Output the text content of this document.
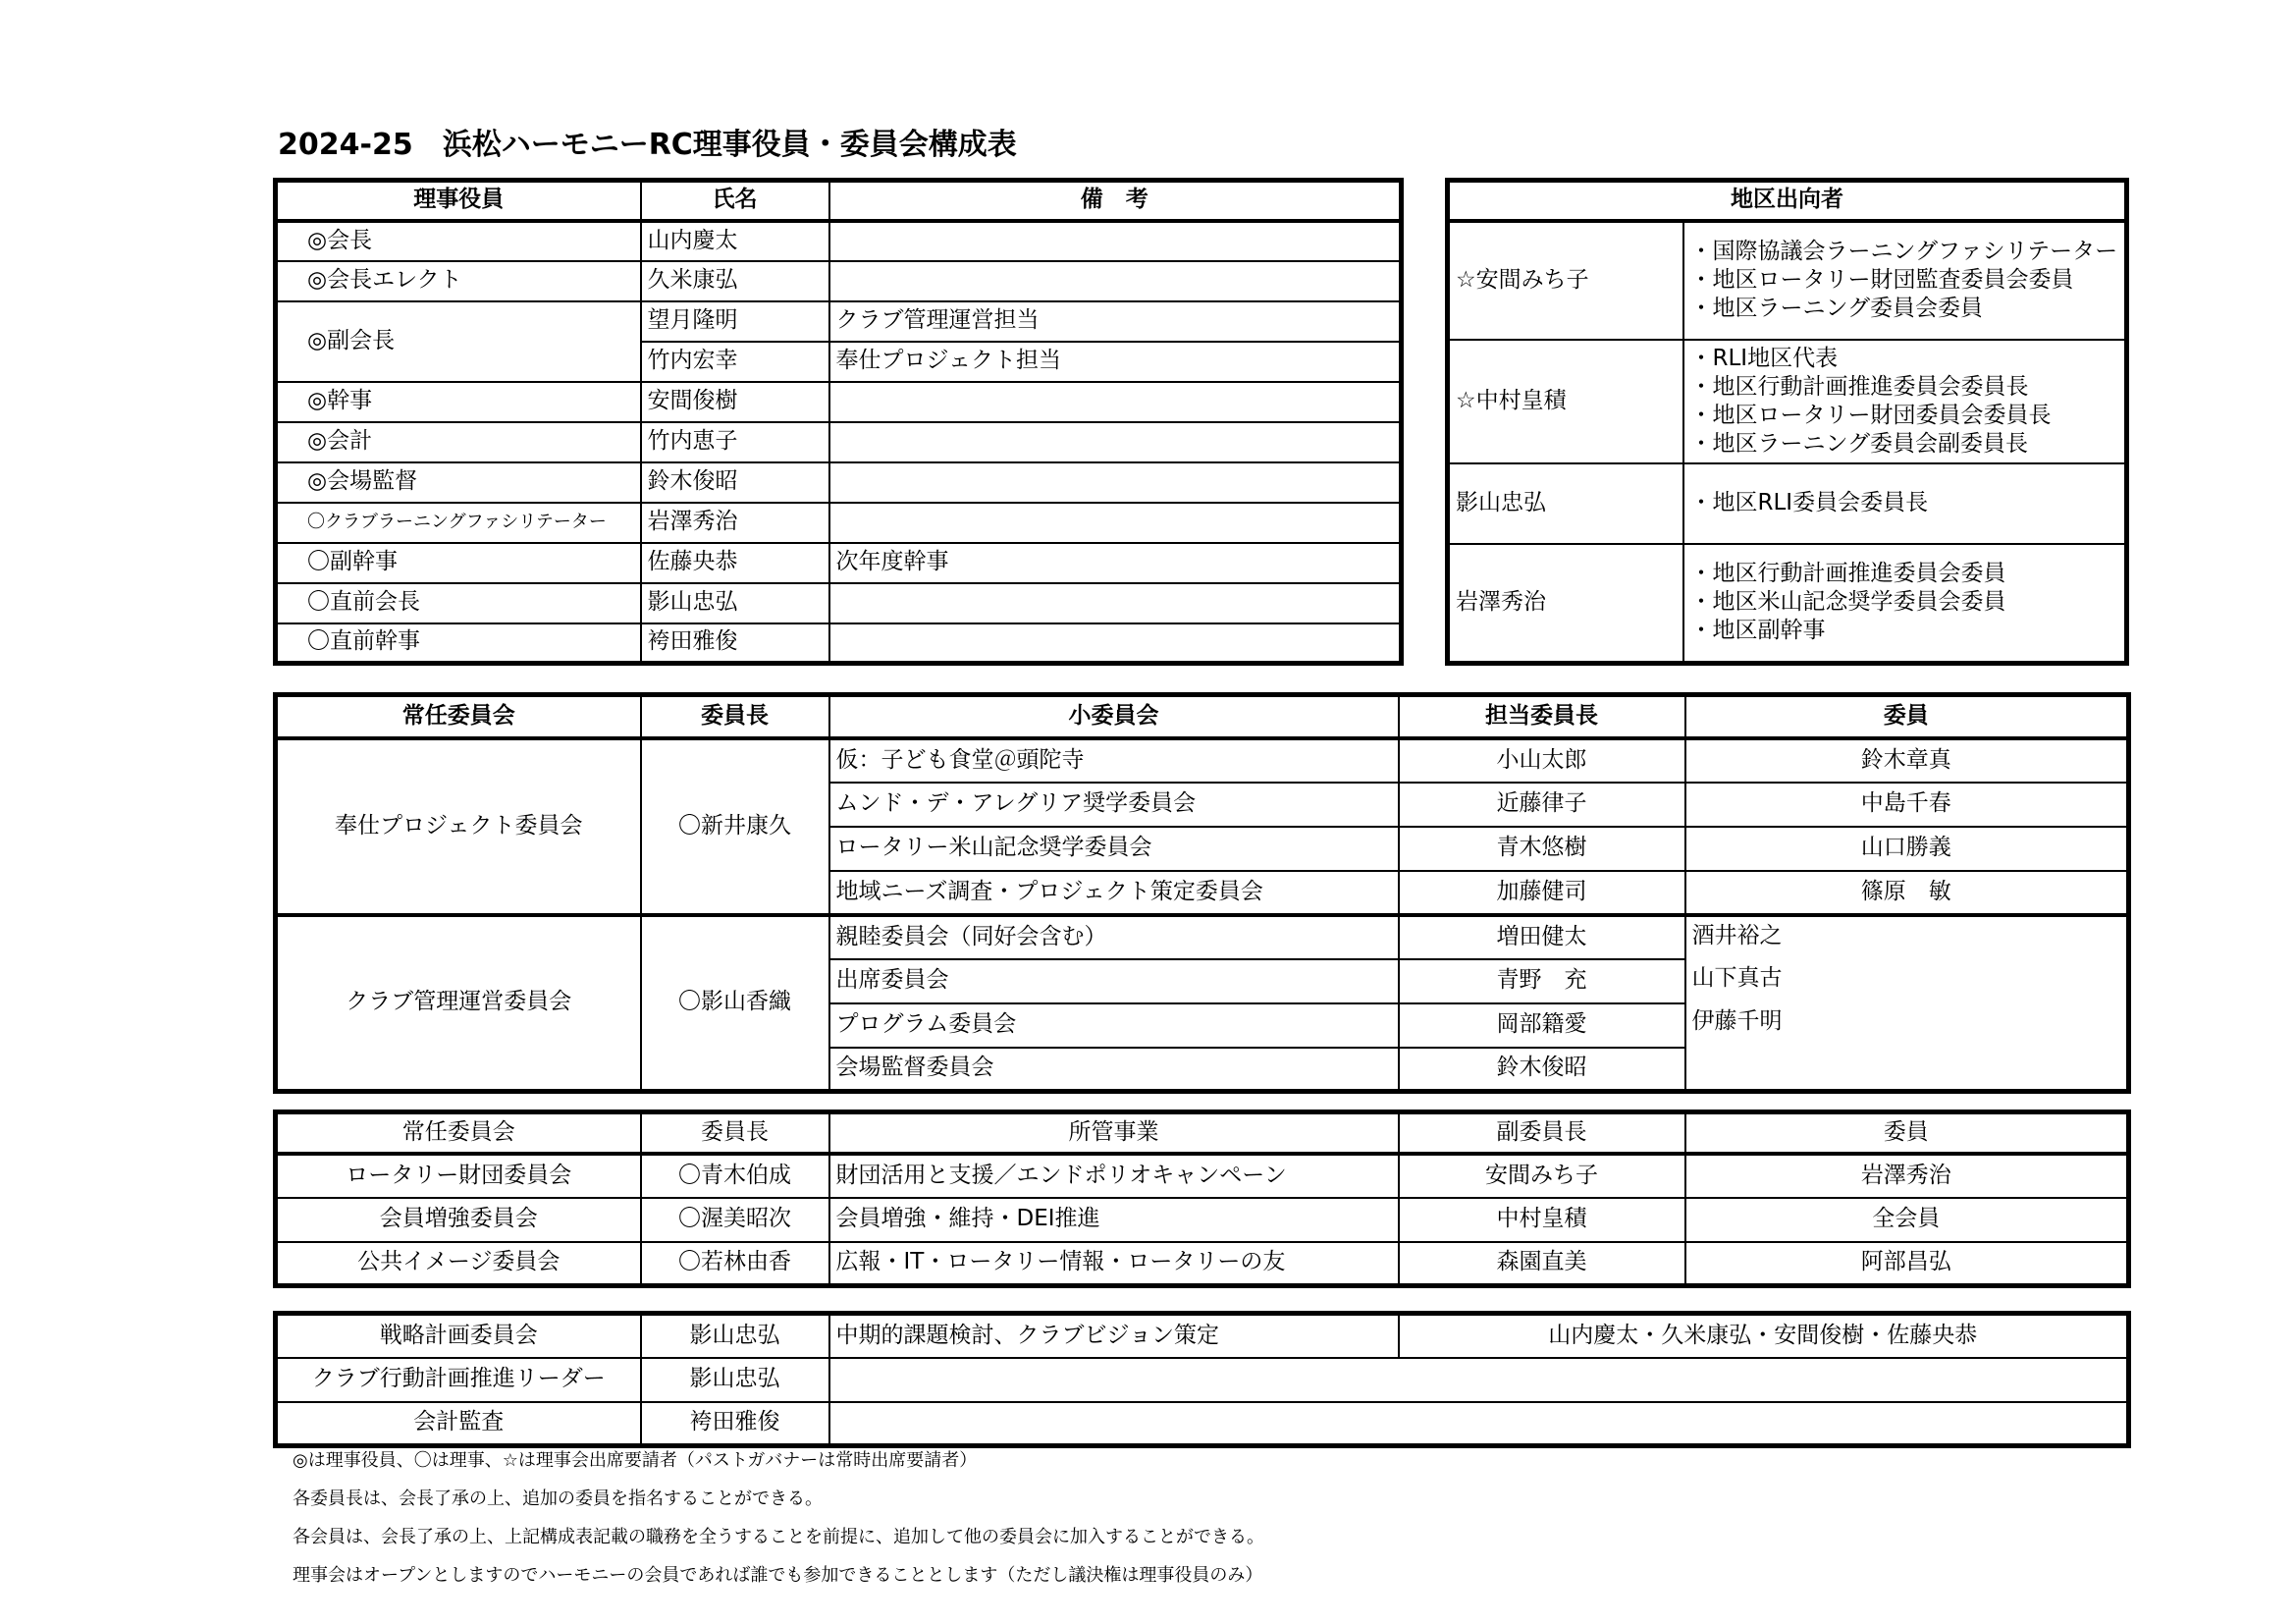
2024-25　浜松ハーモニーRC理事役員・委員会構成表
理事役員	氏名	備　考
◎会長	山内慶太	
◎会長エレクト	久米康弘	
◎副会長	望月隆明	クラブ管理運営担当
	竹内宏幸	奉仕プロジェクト担当
◎幹事	安間俊樹	
◎会計	竹内恵子	
◎会場監督	鈴木俊昭	
〇クラブラーニングファシリテーター	岩澤秀治	
〇副幹事	佐藤央恭	次年度幹事
〇直前会長	影山忠弘	
〇直前幹事	袴田雅俊	
地区出向者	
☆安間みち子	・国際協議会ラーニングファシリテーター
・地区ロータリー財団監査委員会委員
・地区ラーニング委員会委員

☆中村皇積	・RLI地区代表
・地区行動計画推進委員会委員長
・地区ロータリー財団委員会委員長
・地区ラーニング委員会副委員長

影山忠弘	・地区RLI委員会委員長

岩澤秀治	・地区行動計画推進委員会委員
・地区米山記念奨学委員会委員
・地区副幹事
常任委員会	委員長	小委員会	担当委員長	委員
奉仕プロジェクト委員会	〇新井康久	仮：子ども食堂＠頭陀寺	小山太郎	鈴木章真
		ムンド・デ・アレグリア奨学委員会	近藤律子	中島千春
		ロータリー米山記念奨学委員会	青木悠樹	山口勝義
		地域ニーズ調査・プロジェクト策定委員会	加藤健司	篠原　敏
クラブ管理運営委員会	〇影山香織	親睦委員会（同好会含む）	増田健太	酒井裕之
山下真古
伊藤千明

		出席委員会	青野　充	
		プログラム委員会	岡部籍愛	
		会場監督委員会	鈴木俊昭	
常任委員会	委員長	所管事業	副委員長	委員
ロータリー財団委員会	〇青木伯成	財団活用と支援／エンドポリオキャンペーン	安間みち子	岩澤秀治
会員増強委員会	〇渥美昭次	会員増強・維持・DEI推進	中村皇積	全会員
公共イメージ委員会	〇若林由香	広報・IT・ロータリー情報・ロータリーの友	森園直美	阿部昌弘
戦略計画委員会	影山忠弘	中期的課題検討、クラブビジョン策定	山内慶太・久米康弘・安間俊樹・佐藤央恭
クラブ行動計画推進リーダー	影山忠弘		
会計監査	袴田雅俊		
◎は理事役員、〇は理事、☆は理事会出席要請者（パストガバナーは常時出席要請者）
各委員長は、会長了承の上、追加の委員を指名することができる。
各会員は、会長了承の上、上記構成表記載の職務を全うすることを前提に、追加して他の委員会に加入することができる。
理事会はオープンとしますのでハーモニーの会員であれば誰でも参加できることとします（ただし議決権は理事役員のみ）
